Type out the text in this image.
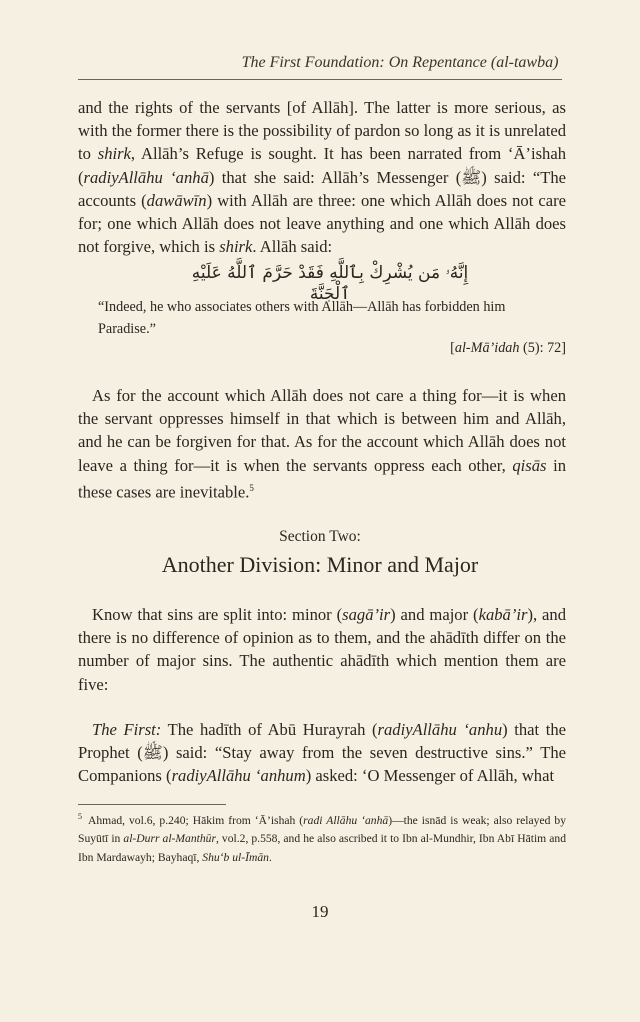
The First Foundation: On Repentance (al-tawba)

and the rights of the servants [of Allāh]. The latter is more serious, as with the former there is the possibility of pardon so long as it is unrelated to shirk, Allāh’s Refuge is sought. It has been narrated from ‘Ā’ishah (radiyAllāhu ‘anhā) that she said: Allāh’s Messenger (ﷺ) said: “The accounts (dawāwīn) with Allāh are three: one which Allāh does not care for; one which Allāh does not leave anything and one which Allāh does not forgive, which is shirk. Allāh said:

إِنَّهُۥ مَن يُشْرِكْ بِٱللَّهِ فَقَدْ حَرَّمَ ٱللَّهُ عَلَيْهِ ٱلْجَنَّةَ

“Indeed, he who associates others with Allāh—Allāh has forbidden him Paradise.”

[al-Mā’idah (5): 72]

As for the account which Allāh does not care a thing for—it is when the servant oppresses himself in that which is between him and Allāh, and he can be forgiven for that. As for the account which Allāh does not leave a thing for—it is when the servants oppress each other, qisās in these cases are inevitable.$^5$

Section Two:
Another Division: Minor and Major

Know that sins are split into: minor (sagā’ir) and major (kabā’ir), and there is no difference of opinion as to them, and the ahādīth differ on the number of major sins. The authentic ahādīth which mention them are five:

The First: The hadīth of Abū Hurayrah (radiyAllāhu ‘anhu) that the Prophet (ﷺ) said: “Stay away from the seven destructive sins.” The Companions (radiyAllāhu ‘anhum) asked: ‘O Messenger of Allāh, what

$^5$ Ahmad, vol.6, p.240; Hākim from ‘Ā’ishah (radi Allāhu ‘anhā)—the isnād is weak; also relayed by Suyūtī in al-Durr al-Manthūr, vol.2, p.558, and he also ascribed it to Ibn al-Mundhir, Ibn Abī Hātim and Ibn Mardawayh; Bayhaqī, Shu‘b ul-Īmān.

19
